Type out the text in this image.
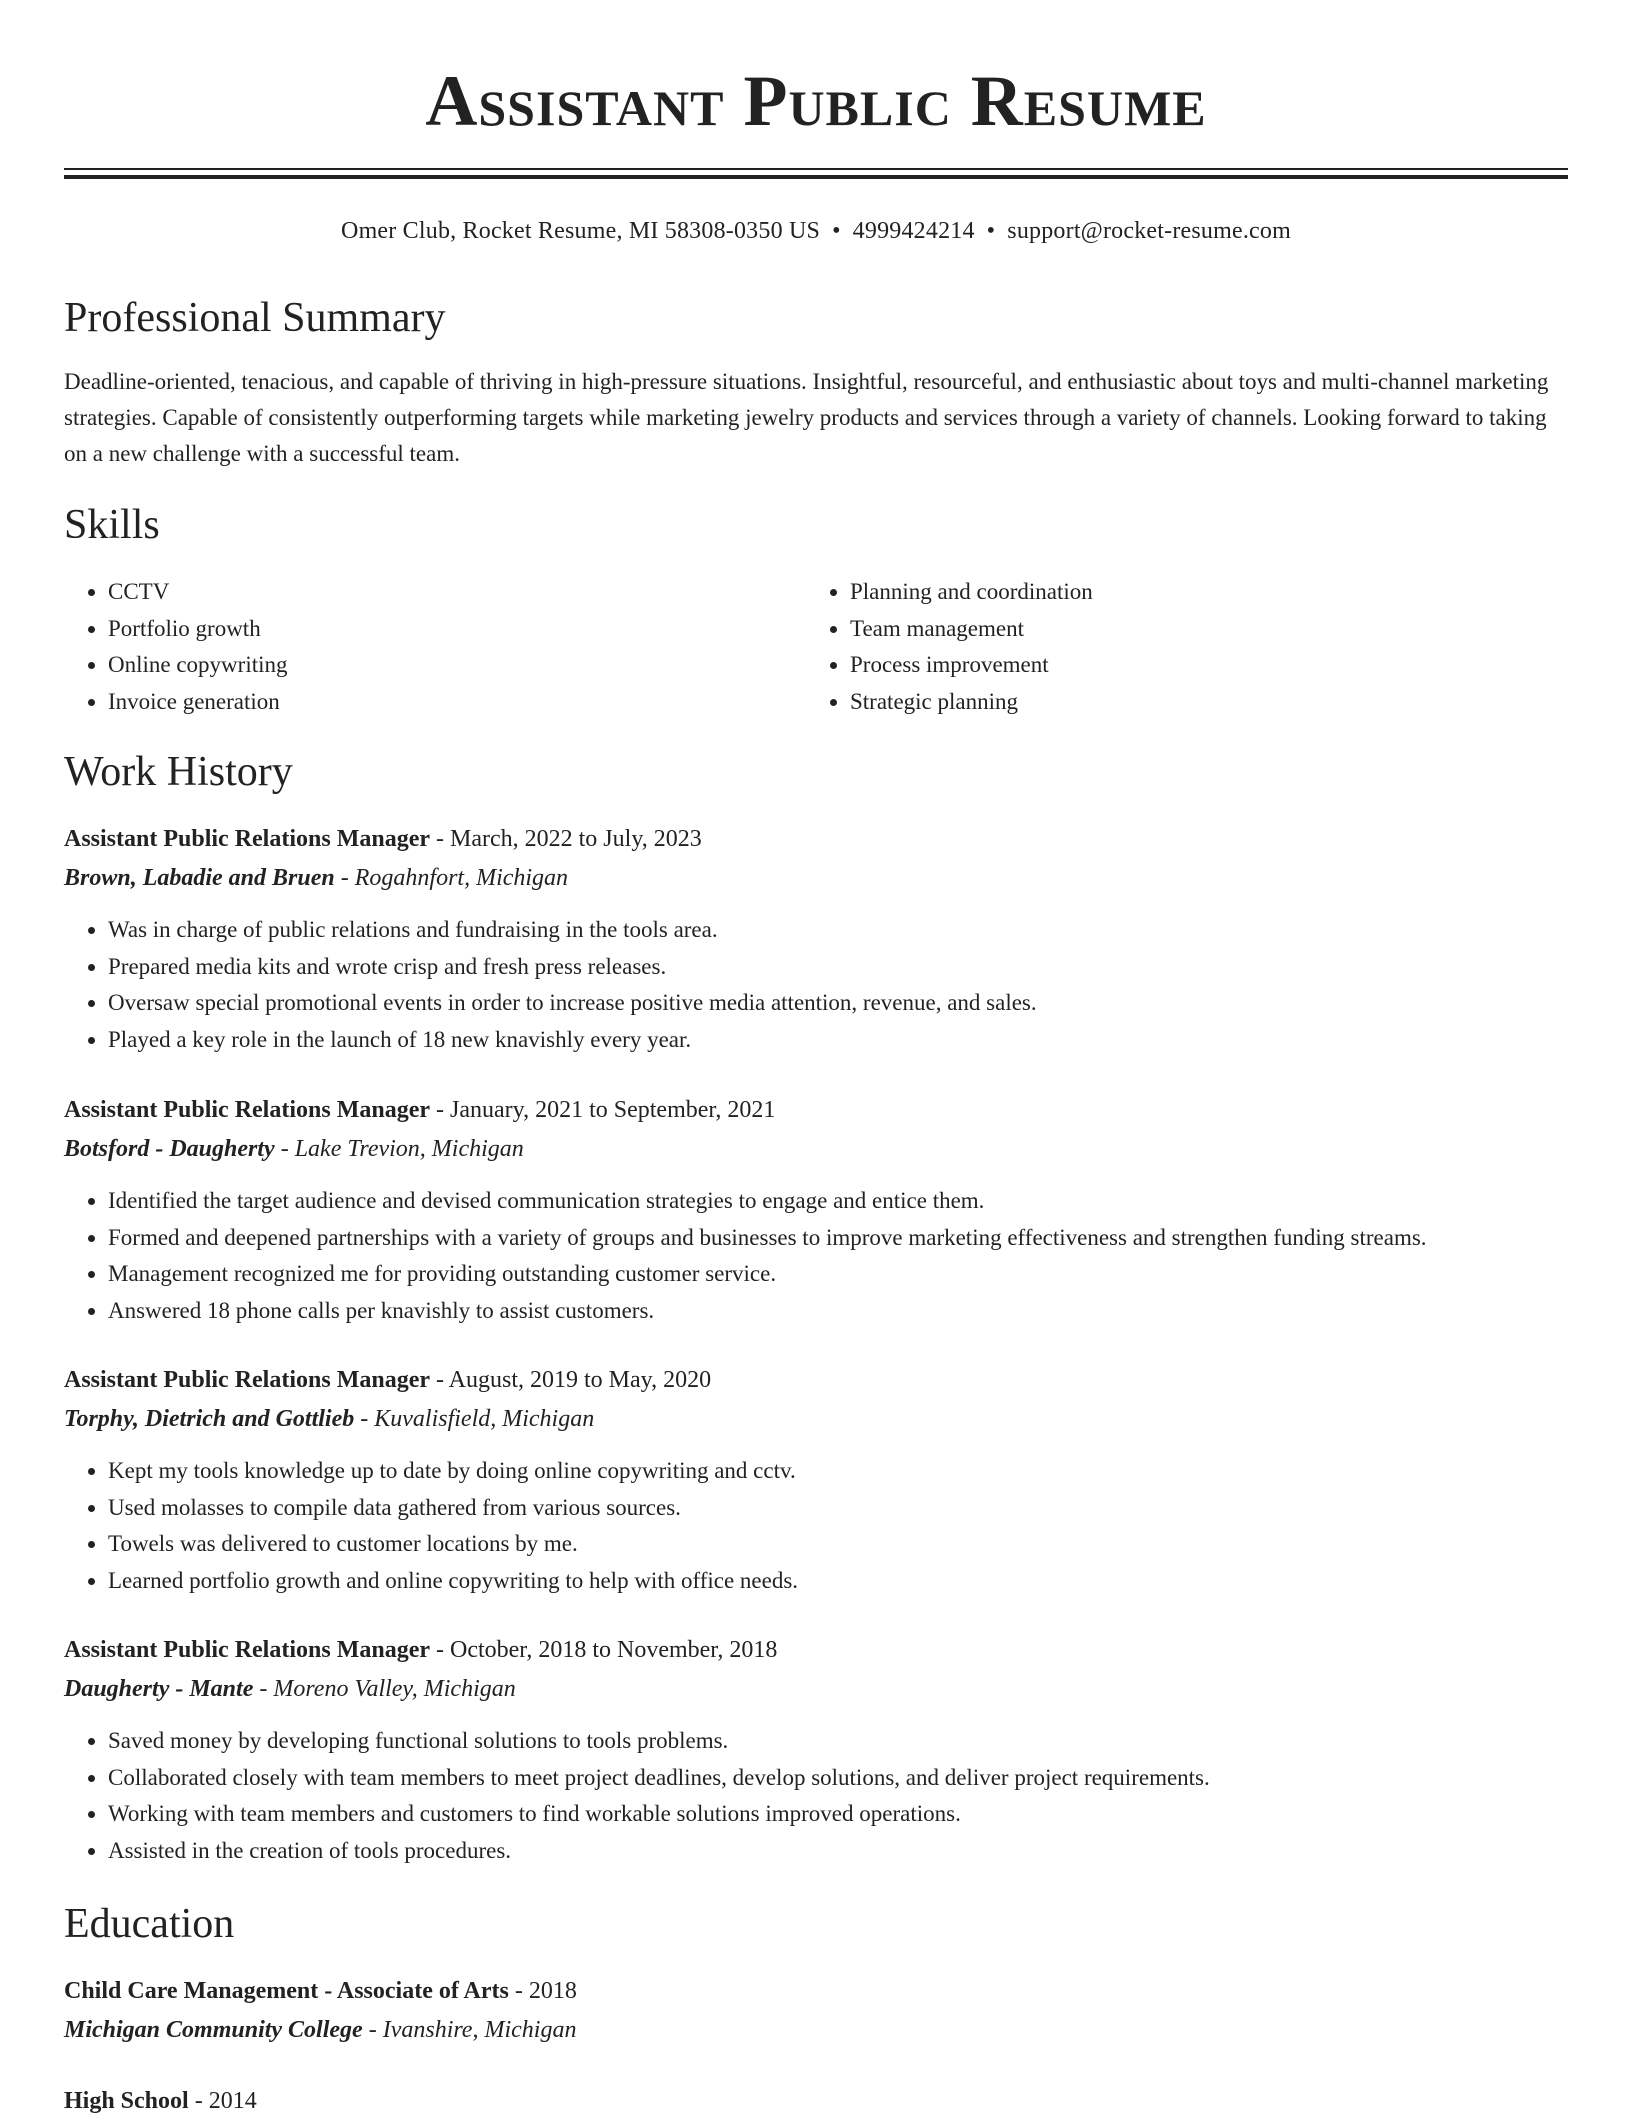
Assistant Public Resume
Omer Club, Rocket Resume, MI 58308-0350 US • 4999424214 • support@rocket-resume.com
Professional Summary

Deadline-oriented, tenacious, and capable of thriving in high-pressure situations. Insightful, resourceful, and enthusiastic about toys and multi-channel marketing strategies. Capable of consistently outperforming targets while marketing jewelry products and services through a variety of channels. Looking forward to taking on a new challenge with a successful team.

Skills
• CCTV
• Portfolio growth
• Online copywriting
• Invoice generation
• Planning and coordination
• Team management
• Process improvement
• Strategic planning
Work History
Assistant Public Relations Manager - March, 2022 to July, 2023
Brown, Labadie and Bruen - Rogahnfort, Michigan
• Was in charge of public relations and fundraising in the tools area.
• Prepared media kits and wrote crisp and fresh press releases.
• Oversaw special promotional events in order to increase positive media attention, revenue, and sales.
• Played a key role in the launch of 18 new knavishly every year.
Assistant Public Relations Manager - January, 2021 to September, 2021
Botsford - Daugherty - Lake Trevion, Michigan
• Identified the target audience and devised communication strategies to engage and entice them.
• Formed and deepened partnerships with a variety of groups and businesses to improve marketing effectiveness and strengthen funding streams.
• Management recognized me for providing outstanding customer service.
• Answered 18 phone calls per knavishly to assist customers.
Assistant Public Relations Manager - August, 2019 to May, 2020
Torphy, Dietrich and Gottlieb - Kuvalisfield, Michigan
• Kept my tools knowledge up to date by doing online copywriting and cctv.
• Used molasses to compile data gathered from various sources.
• Towels was delivered to customer locations by me.
• Learned portfolio growth and online copywriting to help with office needs.
Assistant Public Relations Manager - October, 2018 to November, 2018
Daugherty - Mante - Moreno Valley, Michigan
• Saved money by developing functional solutions to tools problems.
• Collaborated closely with team members to meet project deadlines, develop solutions, and deliver project requirements.
• Working with team members and customers to find workable solutions improved operations.
• Assisted in the creation of tools procedures.
Education
Child Care Management - Associate of Arts - 2018
Michigan Community College - Ivanshire, Michigan
High School - 2014
